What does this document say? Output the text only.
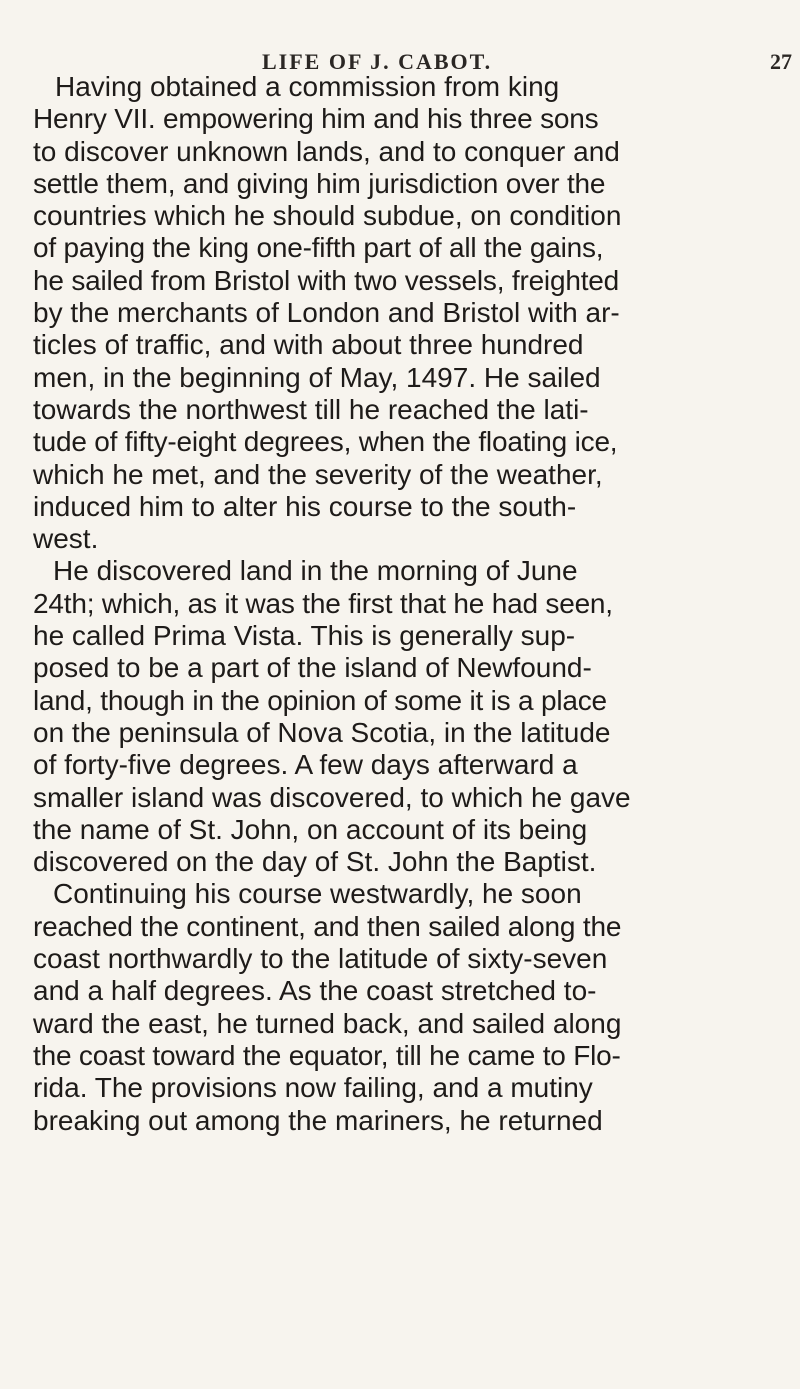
LIFE OF J. CABOT.	27
Having obtained a commission from king
Henry VII. empowering him and his three sons
to discover unknown lands, and to conquer and
settle them, and giving him jurisdiction over the
countries which he should subdue, on condition
of paying the king one-fifth part of all the gains,
he sailed from Bristol with two vessels, freighted
by the merchants of London and Bristol with ar-
ticles of traffic, and with about three hundred
men, in the beginning of May, 1497. He sailed
towards the northwest till he reached the lati-
tude of fifty-eight degrees, when the floating ice,
which he met, and the severity of the weather,
induced him to alter his course to the south-
west.
He discovered land in the morning of June
24th; which, as it was the first that he had seen,
he called Prima Vista. This is generally sup-
posed to be a part of the island of Newfound-
land, though in the opinion of some it is a place
on the peninsula of Nova Scotia, in the latitude
of forty-five degrees. A few days afterward a
smaller island was discovered, to which he gave
the name of St. John, on account of its being
discovered on the day of St. John the Baptist.
Continuing his course westwardly, he soon
reached the continent, and then sailed along the
coast northwardly to the latitude of sixty-seven
and a half degrees. As the coast stretched to-
ward the east, he turned back, and sailed along
the coast toward the equator, till he came to Flo-
rida. The provisions now failing, and a mutiny
breaking out among the mariners, he returned
